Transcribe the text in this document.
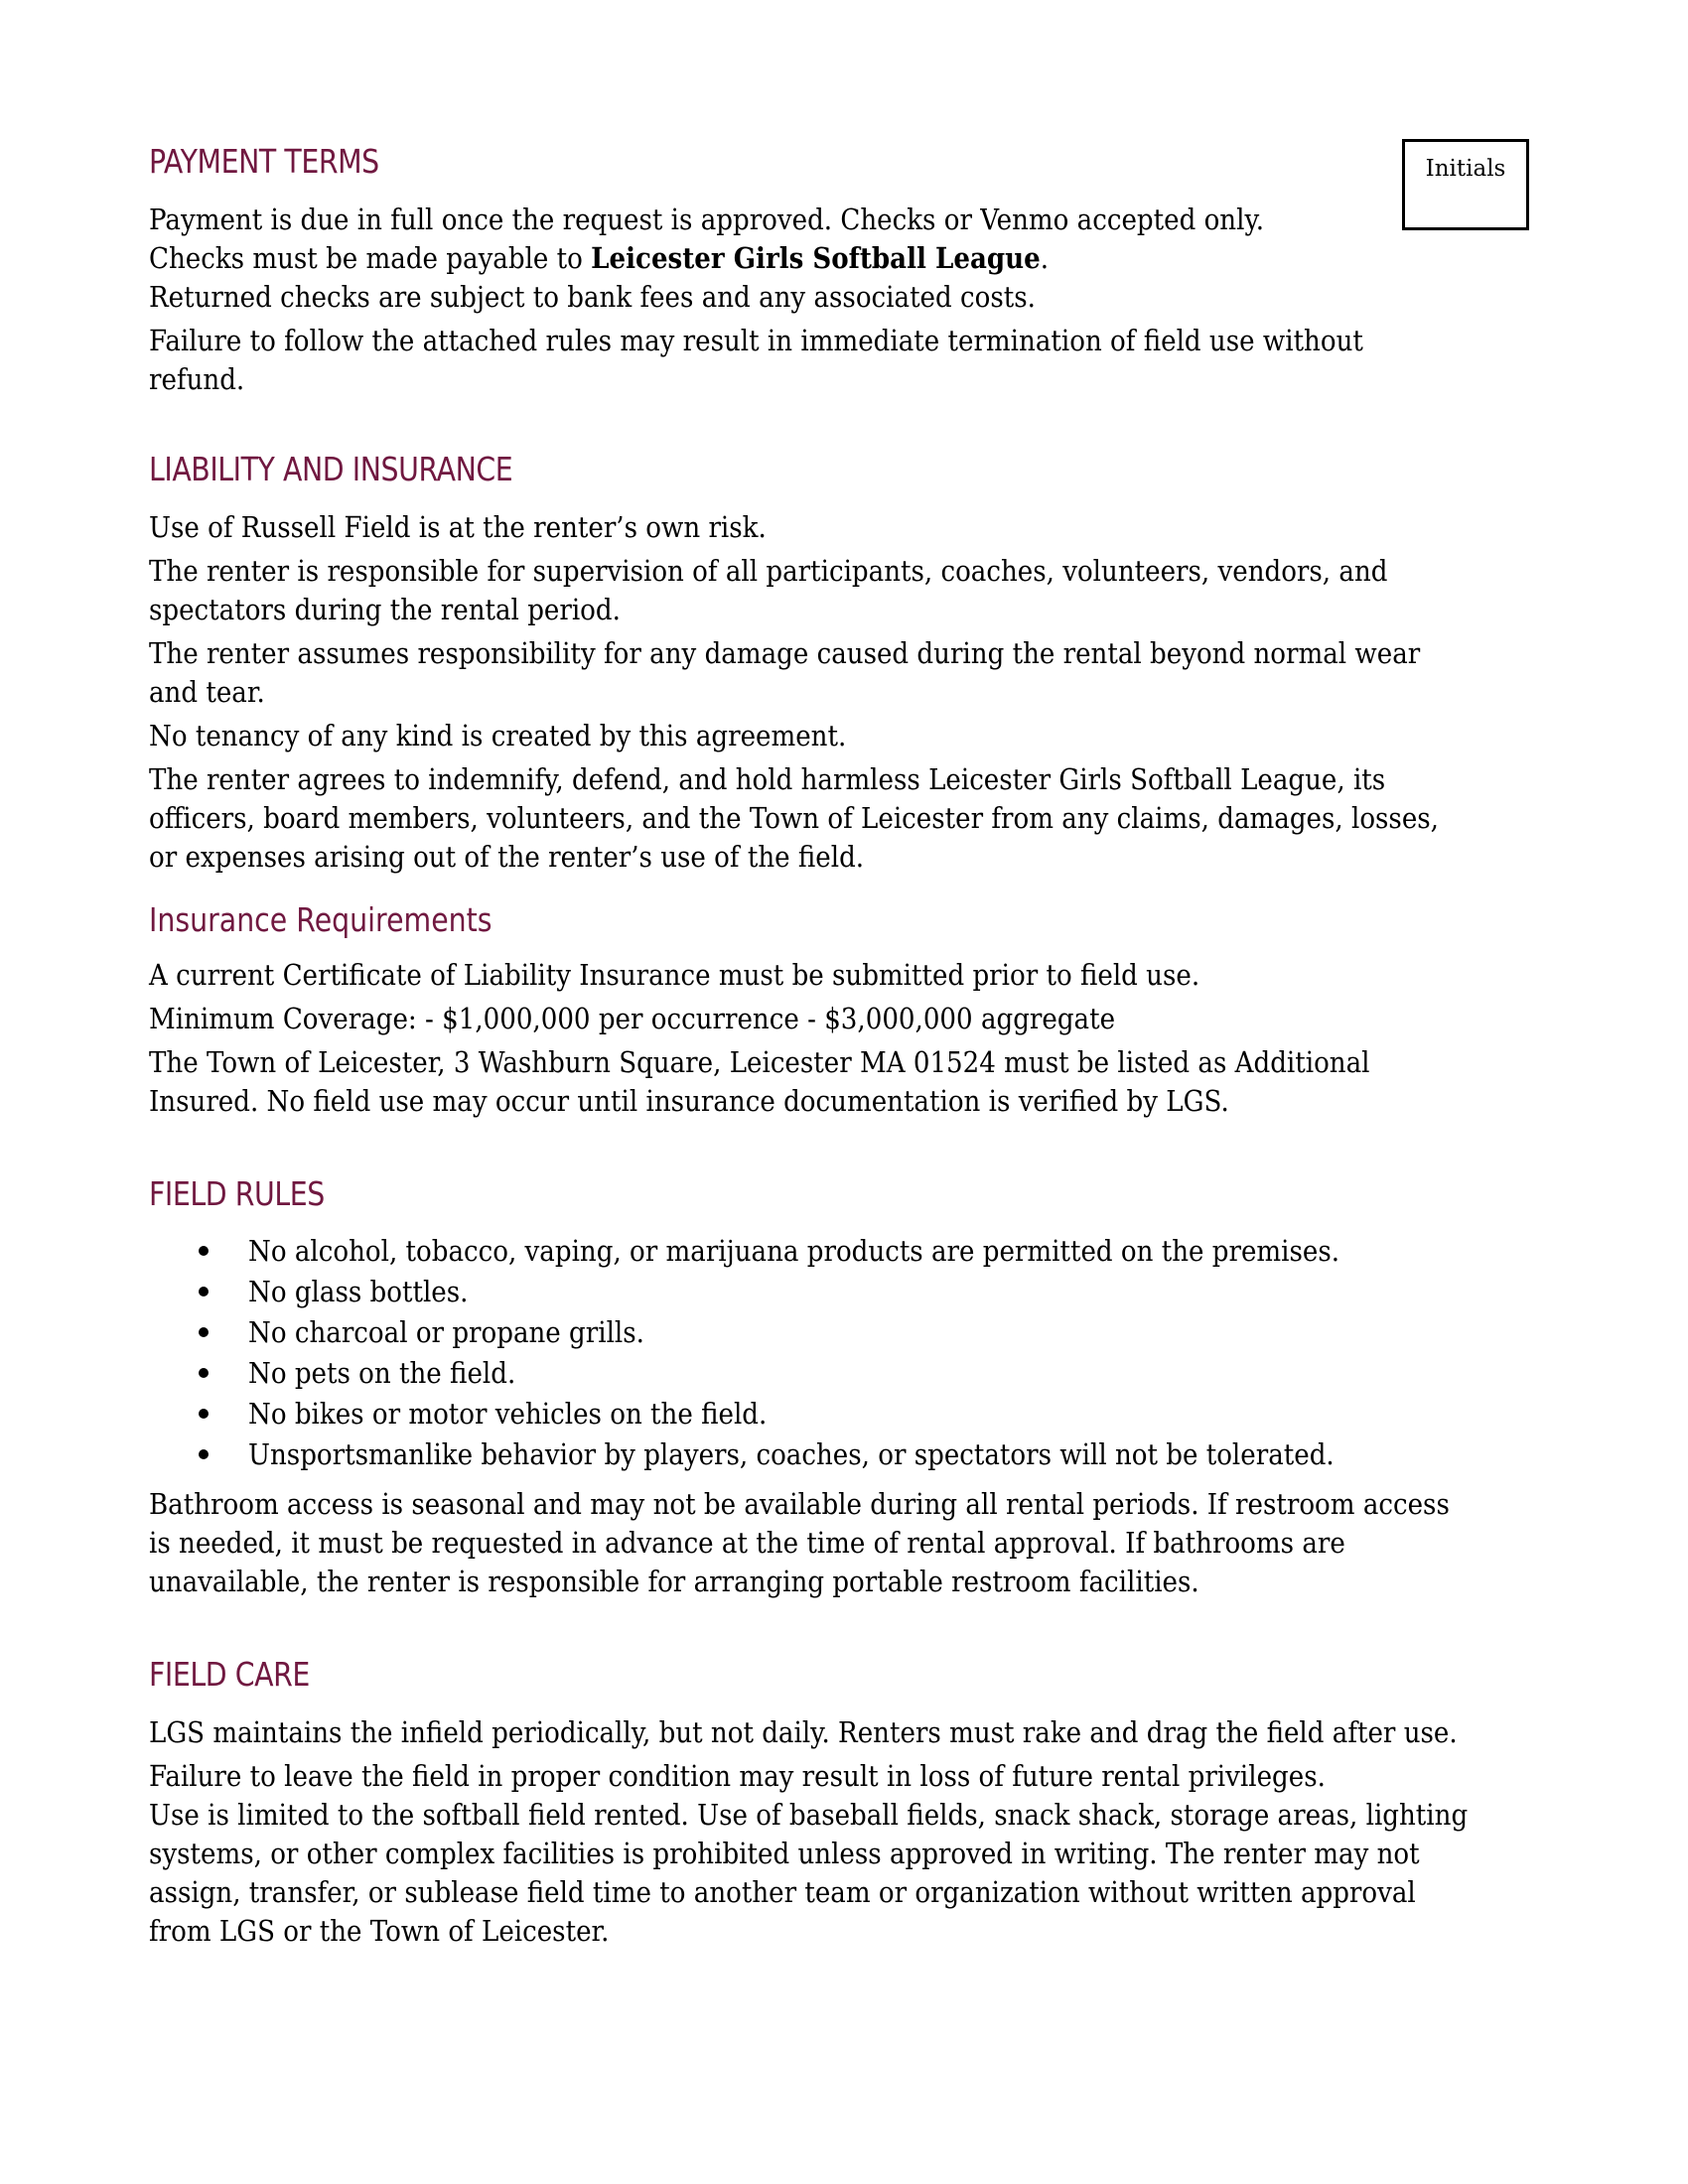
Initials
PAYMENT TERMS
Payment is due in full once the request is approved. Checks or Venmo accepted only.
Checks must be made payable to Leicester Girls Softball League.
Returned checks are subject to bank fees and any associated costs.
Failure to follow the attached rules may result in immediate termination of field use without
refund.
LIABILITY AND INSURANCE
Use of Russell Field is at the renter’s own risk.
The renter is responsible for supervision of all participants, coaches, volunteers, vendors, and
spectators during the rental period.
The renter assumes responsibility for any damage caused during the rental beyond normal wear
and tear.
No tenancy of any kind is created by this agreement.
The renter agrees to indemnify, defend, and hold harmless Leicester Girls Softball League, its
officers, board members, volunteers, and the Town of Leicester from any claims, damages, losses,
or expenses arising out of the renter’s use of the field.
Insurance Requirements
A current Certificate of Liability Insurance must be submitted prior to field use.
Minimum Coverage: - $1,000,000 per occurrence - $3,000,000 aggregate
The Town of Leicester, 3 Washburn Square, Leicester MA 01524 must be listed as Additional
Insured. No field use may occur until insurance documentation is verified by LGS.
FIELD RULES
No alcohol, tobacco, vaping, or marijuana products are permitted on the premises.
No glass bottles.
No charcoal or propane grills.
No pets on the field.
No bikes or motor vehicles on the field.
Unsportsmanlike behavior by players, coaches, or spectators will not be tolerated.
Bathroom access is seasonal and may not be available during all rental periods. If restroom access
is needed, it must be requested in advance at the time of rental approval. If bathrooms are
unavailable, the renter is responsible for arranging portable restroom facilities.
FIELD CARE
LGS maintains the infield periodically, but not daily. Renters must rake and drag the field after use.
Failure to leave the field in proper condition may result in loss of future rental privileges.
Use is limited to the softball field rented. Use of baseball fields, snack shack, storage areas, lighting
systems, or other complex facilities is prohibited unless approved in writing. The renter may not
assign, transfer, or sublease field time to another team or organization without written approval
from LGS or the Town of Leicester.
